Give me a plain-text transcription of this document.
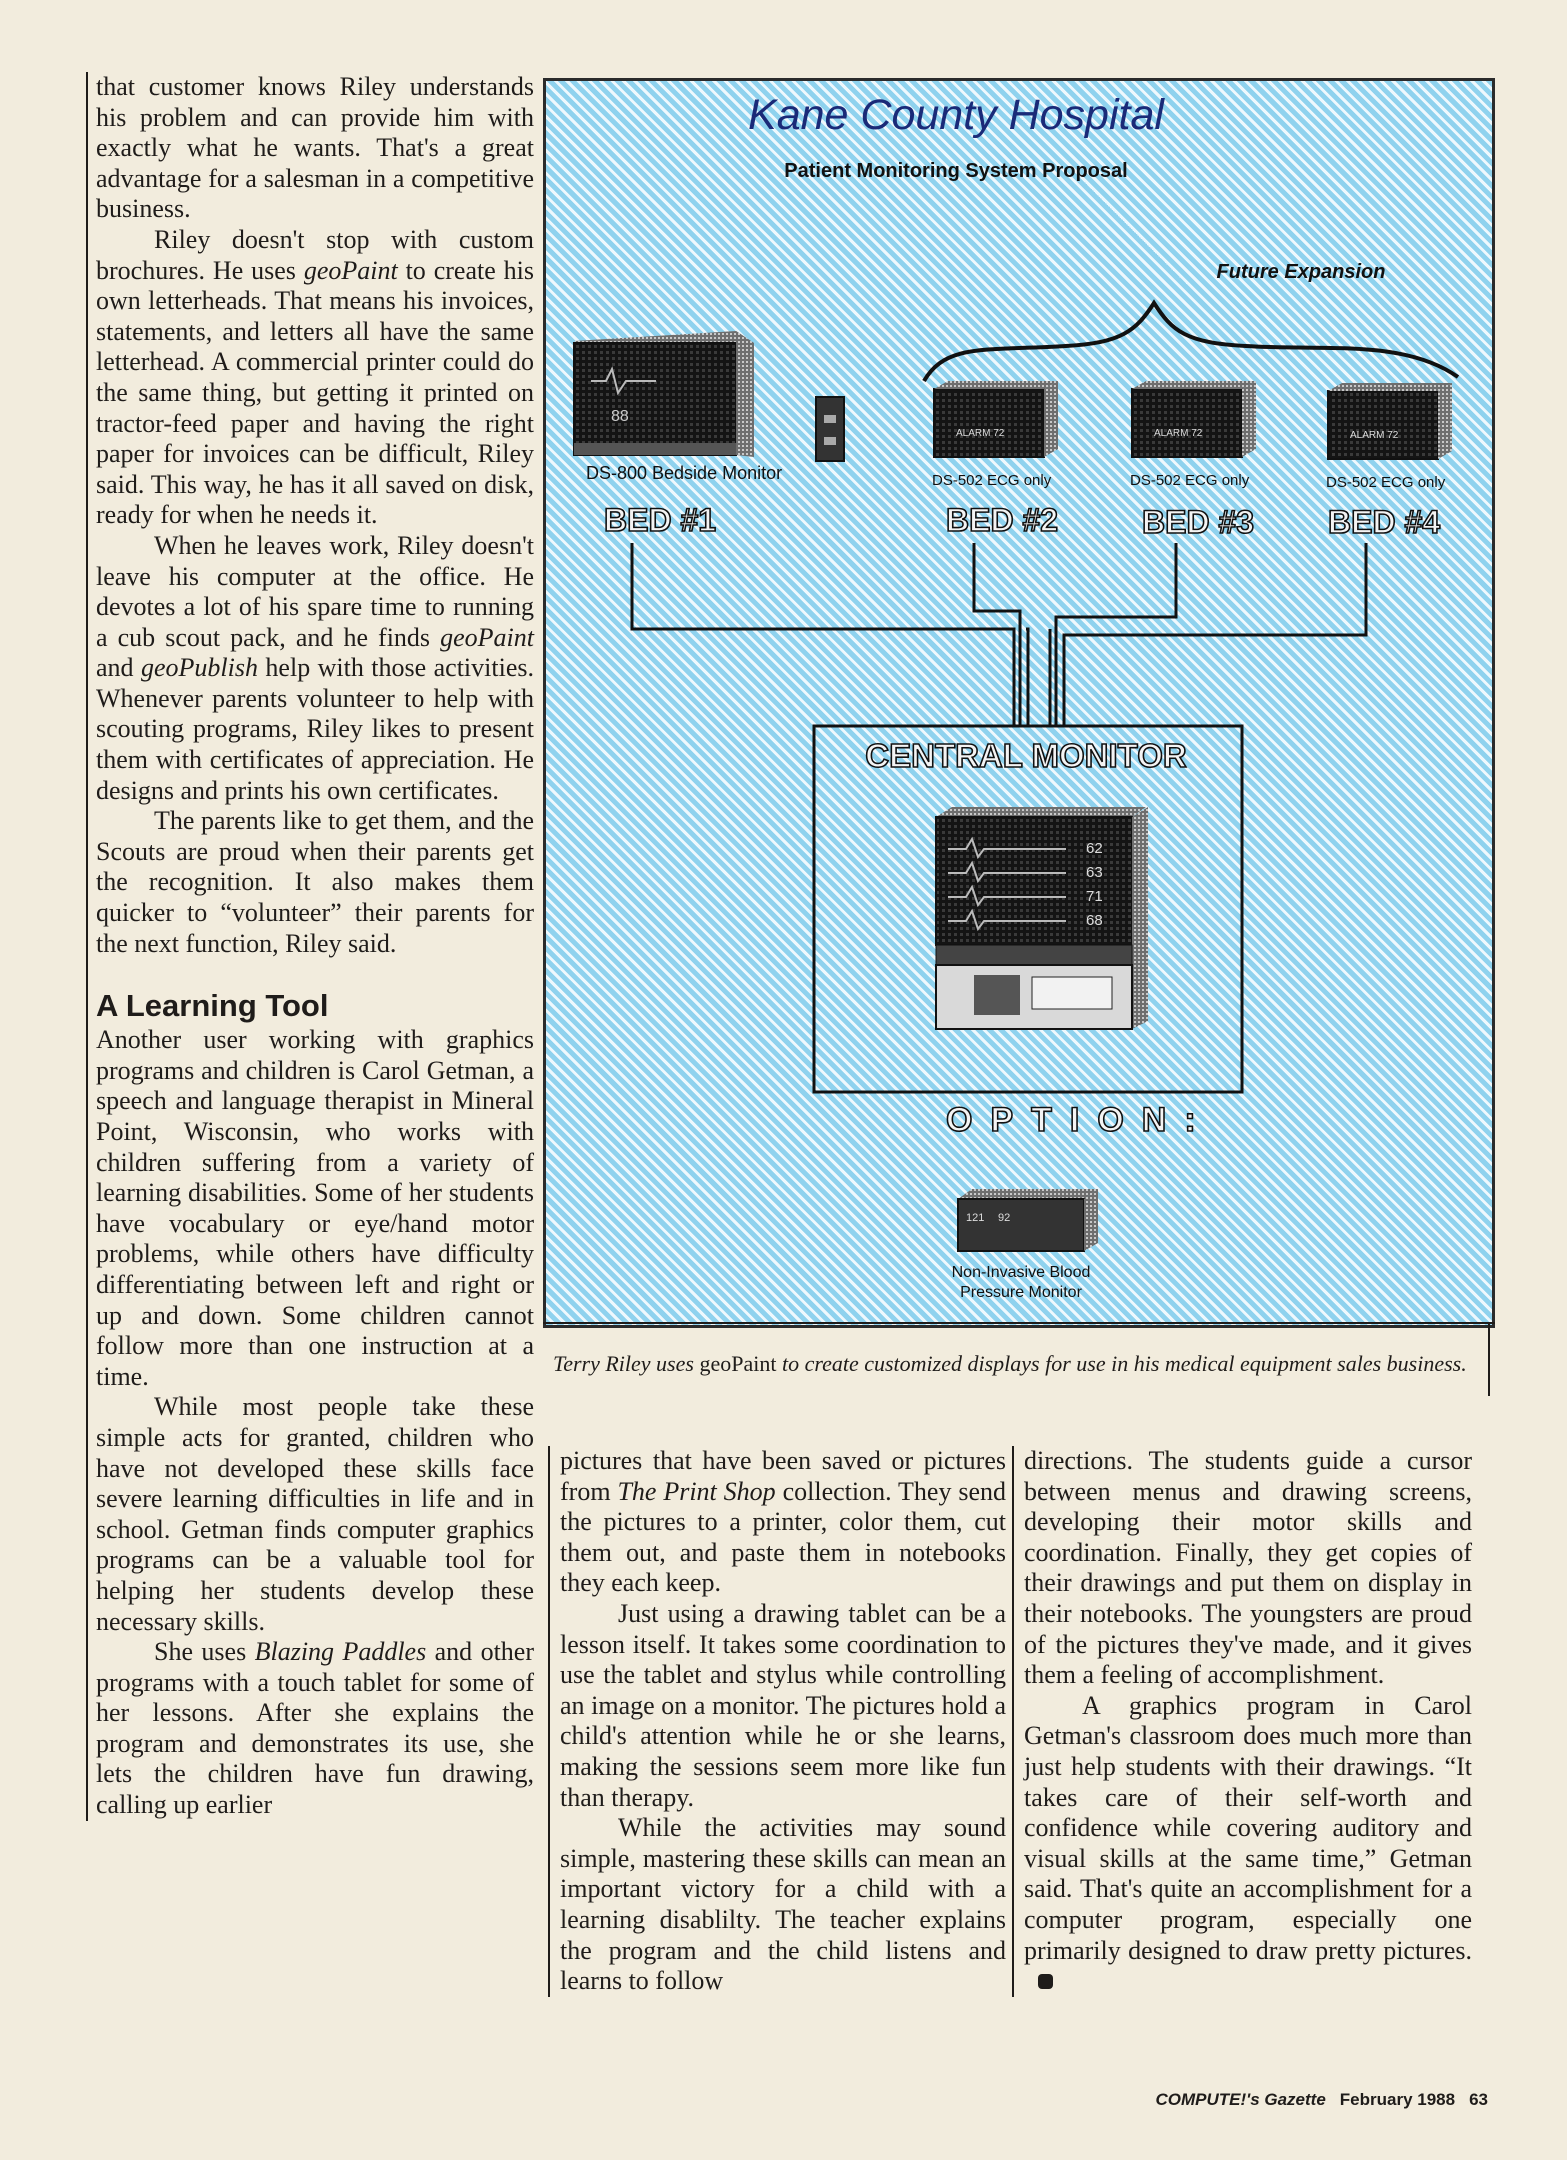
that customer knows Riley understands his problem and can provide him with exactly what he wants. That's a great advantage for a salesman in a competitive business.

Riley doesn't stop with custom brochures. He uses geoPaint to create his own letterheads. That means his invoices, statements, and letters all have the same letterhead. A commercial printer could do the same thing, but getting it printed on tractor-feed paper and having the right paper for invoices can be difficult, Riley said. This way, he has it all saved on disk, ready for when he needs it.

When he leaves work, Riley doesn't leave his computer at the office. He devotes a lot of his spare time to running a cub scout pack, and he finds geoPaint and geoPublish help with those activities. Whenever parents volunteer to help with scouting programs, Riley likes to present them with certificates of appreciation. He designs and prints his own certificates.

The parents like to get them, and the Scouts are proud when their parents get the recognition. It also makes them quicker to “volunteer” their parents for the next function, Riley said.

A Learning Tool

Another user working with graphics programs and children is Carol Getman, a speech and language therapist in Mineral Point, Wisconsin, who works with children suffering from a variety of learning disabilities. Some of her students have vocabulary or eye/hand motor problems, while others have difficulty differentiating between left and right or up and down. Some children cannot follow more than one instruction at a time.

While most people take these simple acts for granted, children who have not developed these skills face severe learning difficulties in life and in school. Getman finds computer graphics programs can be a valuable tool for helping her students develop these necessary skills.

She uses Blazing Paddles and other programs with a touch tablet for some of her lessons. After she explains the program and demonstrates its use, she lets the children have fun drawing, calling up earlier

Kane County Hospital
Patient Monitoring System Proposal
Future Expansion
88
DS-800 Bedside Monitor
ALARM 72	ALARM 72	ALARM 72
DS-502 ECG only	DS-502 ECG only	DS-502 ECG only
BED #1	BED #2	BED #3 BED #4
CENTRAL MONITOR
62
63
71
68
OPTION:
121 92
Non-Invasive Blood
Pressure Monitor
Terry Riley uses geoPaint to create customized displays for use in his medical equipment sales business.

pictures that have been saved or pictures from The Print Shop collection. They send the pictures to a printer, color them, cut them out, and paste them in notebooks they each keep.

Just using a drawing tablet can be a lesson itself. It takes some coordination to use the tablet and stylus while controlling an image on a monitor. The pictures hold a child's attention while he or she learns, making the sessions seem more like fun than therapy.

While the activities may sound simple, mastering these skills can mean an important victory for a child with a learning disablilty. The teacher explains the program and the child listens and learns to follow

directions. The students guide a cursor between menus and drawing screens, developing their motor skills and coordination. Finally, they get copies of their drawings and put them on display in their notebooks. The youngsters are proud of the pictures they've made, and it gives them a feeling of accomplishment.

A graphics program in Carol Getman's classroom does much more than just help students with their drawings. “It takes care of their self-worth and confidence while covering auditory and visual skills at the same time,” Getman said. That's quite an accomplishment for a computer program, especially one primarily designed to draw pretty pictures.

COMPUTE!'s Gazette February 1988 63
